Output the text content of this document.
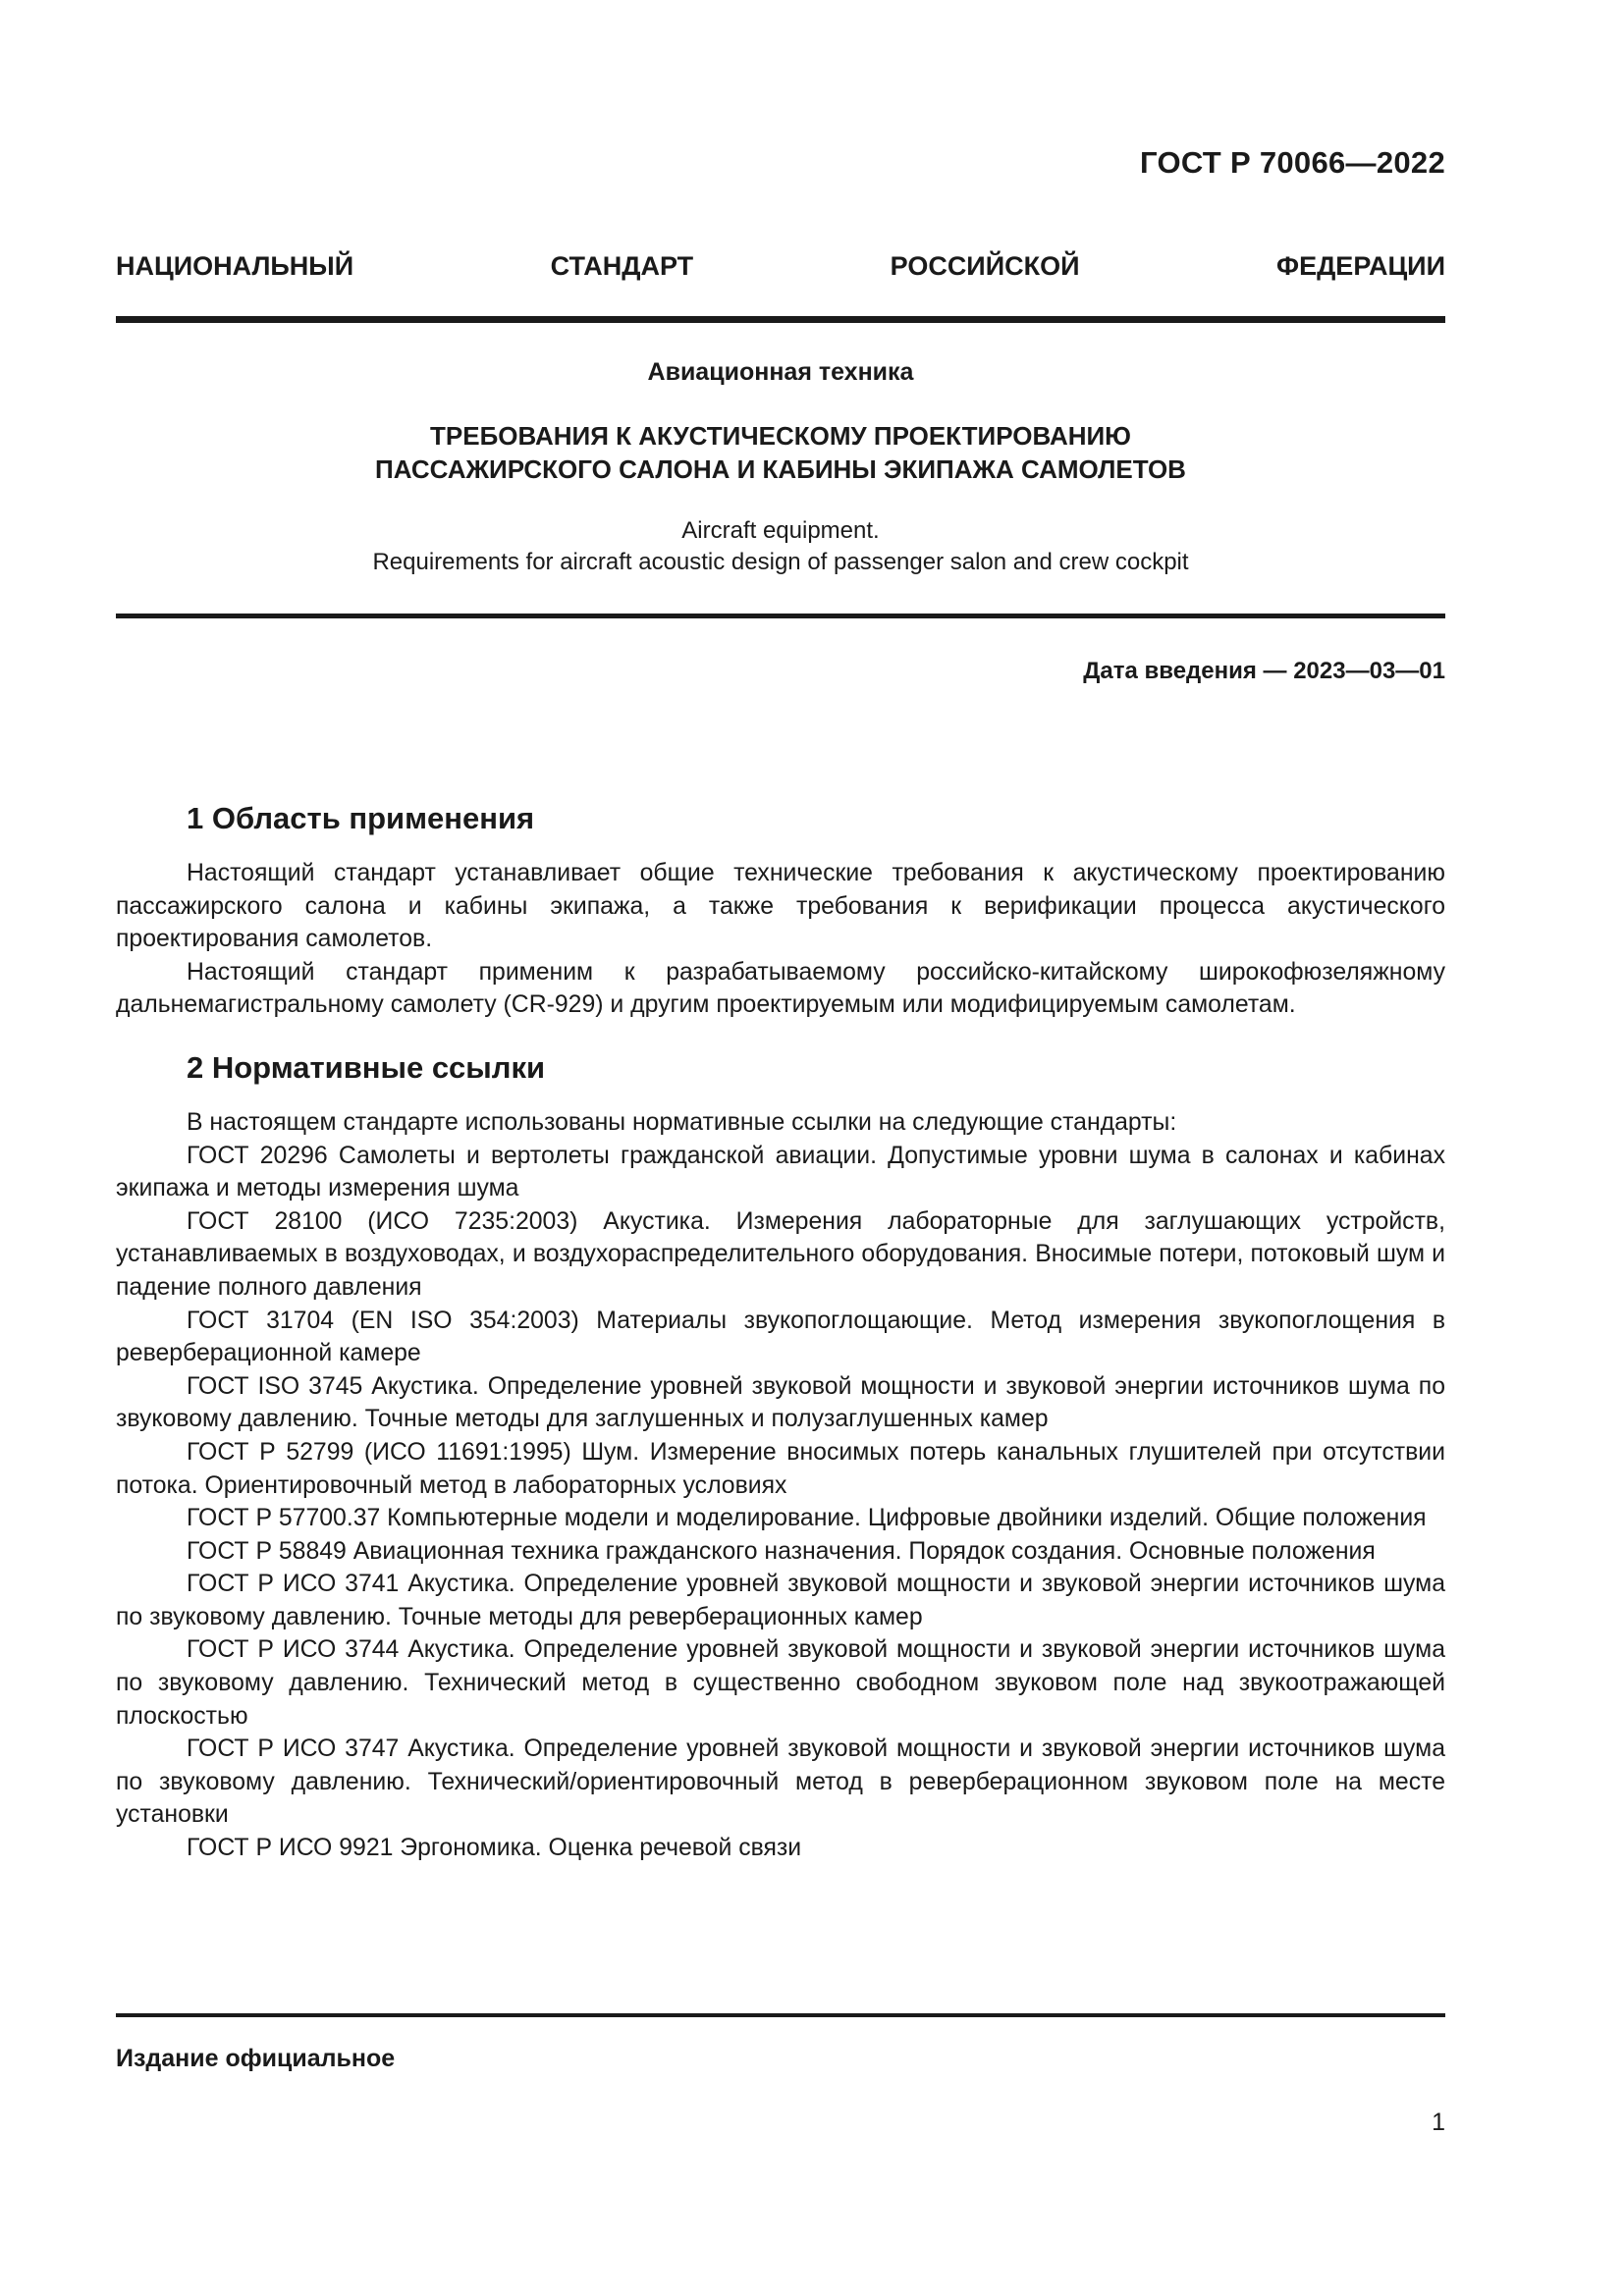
ГОСТ Р 70066—2022
НАЦИОНАЛЬНЫЙ СТАНДАРТ РОССИЙСКОЙ ФЕДЕРАЦИИ
Авиационная техника
ТРЕБОВАНИЯ К АКУСТИЧЕСКОМУ ПРОЕКТИРОВАНИЮ
ПАССАЖИРСКОГО САЛОНА И КАБИНЫ ЭКИПАЖА САМОЛЕТОВ
Aircraft equipment.
Requirements for aircraft acoustic design of passenger salon and crew cockpit
Дата введения — 2023—03—01
1 Область применения

Настоящий стандарт устанавливает общие технические требования к акустическому проектированию пассажирского салона и кабины экипажа, а также требования к верификации процесса акустического проектирования самолетов.

Настоящий стандарт применим к разрабатываемому российско-китайскому широкофюзеляжному дальнемагистральному самолету (CR-929) и другим проектируемым или модифицируемым самолетам.

2 Нормативные ссылки

В настоящем стандарте использованы нормативные ссылки на следующие стандарты:

ГОСТ 20296 Самолеты и вертолеты гражданской авиации. Допустимые уровни шума в салонах и кабинах экипажа и методы измерения шума

ГОСТ 28100 (ИСО 7235:2003) Акустика. Измерения лабораторные для заглушающих устройств, устанавливаемых в воздуховодах, и воздухораспределительного оборудования. Вносимые потери, потоковый шум и падение полного давления

ГОСТ 31704 (EN ISO 354:2003) Материалы звукопоглощающие. Метод измерения звукопоглощения в реверберационной камере

ГОСТ ISO 3745 Акустика. Определение уровней звуковой мощности и звуковой энергии источников шума по звуковому давлению. Точные методы для заглушенных и полузаглушенных камер

ГОСТ Р 52799 (ИСО 11691:1995) Шум. Измерение вносимых потерь канальных глушителей при отсутствии потока. Ориентировочный метод в лабораторных условиях

ГОСТ Р 57700.37 Компьютерные модели и моделирование. Цифровые двойники изделий. Общие положения

ГОСТ Р 58849 Авиационная техника гражданского назначения. Порядок создания. Основные положения

ГОСТ Р ИСО 3741 Акустика. Определение уровней звуковой мощности и звуковой энергии источников шума по звуковому давлению. Точные методы для реверберационных камер

ГОСТ Р ИСО 3744 Акустика. Определение уровней звуковой мощности и звуковой энергии источников шума по звуковому давлению. Технический метод в существенно свободном звуковом поле над звукоотражающей плоскостью

ГОСТ Р ИСО 3747 Акустика. Определение уровней звуковой мощности и звуковой энергии источников шума по звуковому давлению. Технический/ориентировочный метод в реверберационном звуковом поле на месте установки

ГОСТ Р ИСО 9921 Эргономика. Оценка речевой связи

Издание официальное
1
